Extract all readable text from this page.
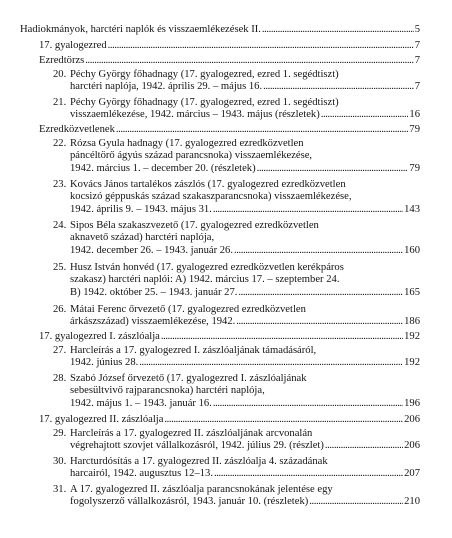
Hadiokmányok, harctéri naplók és visszaemlékezések II. .....	5
17. gyalogezred .....	7
Ezredtörzs .....	7
20. Péchy György főhadnagy (17. gyalogezred, ezred 1. segédtiszt)
harctéri naplója, 1942. április 29. – május 16. .....	7
21. Péchy György főhadnagy (17. gyalogezred, ezred 1. segédtiszt)
visszaemlékezése, 1942. március – 1943. május (részletek) .....	16
Ezredközvetlenek .....	79
22. Rózsa Gyula hadnagy (17. gyalogezred ezredközvetlen
páncéltörő ágyús század parancsnoka) visszaemlékezése,
1942. március 1. – december 20. (részletek) .....	79
23. Kovács János tartalékos zászlós (17. gyalogezred ezredközvetlen
kocsizó géppuskás század szakaszparancsnoka) visszaemlékezése,
1942. április 9. – 1943. május 31. .....	143
24. Sipos Béla szakaszvezető (17. gyalogezred ezredközvetlen
aknavető század) harctéri naplója,
1942. december 26. – 1943. január 26. .....	160
25. Husz István honvéd (17. gyalogezred ezredközvetlen kerékpáros
szakasz) harctéri naplói: A) 1942. március 17. – szeptember 24.
B) 1942. október 25. – 1943. január 27. .....	165
26. Mátai Ferenc őrvezető (17. gyalogezred ezredközvetlen
árkászszázad) visszaemlékezése, 1942. .....	186
17. gyalogezred I. zászlóalja .....	192
27. Harcleírás a 17. gyalogezred I. zászlóaljának támadásáról,
1942. június 28. .....	192
28. Szabó József őrvezető (17. gyalogezred I. zászlóaljának
sebesültvivő rajparancsnoka) harctéri naplója,
1942. május 1. – 1943. január 16. .....	196
17. gyalogezred II. zászlóalja .....	206
29. Harcleírás a 17. gyalogezred II. zászlóaljának arcvonalán
végrehajtott szovjet vállalkozásról, 1942. július 29. (részlet) .....	206
30. Harcturdósítás a 17. gyalogezred II. zászlóalja 4. századának
harcairól, 1942. augusztus 12–13. .....	207
31. A 17. gyalogezred II. zászlóalja parancsnokának jelentése egy
fogolyszerző vállalkozásról, 1943. január 10. (részletek) .....	210
